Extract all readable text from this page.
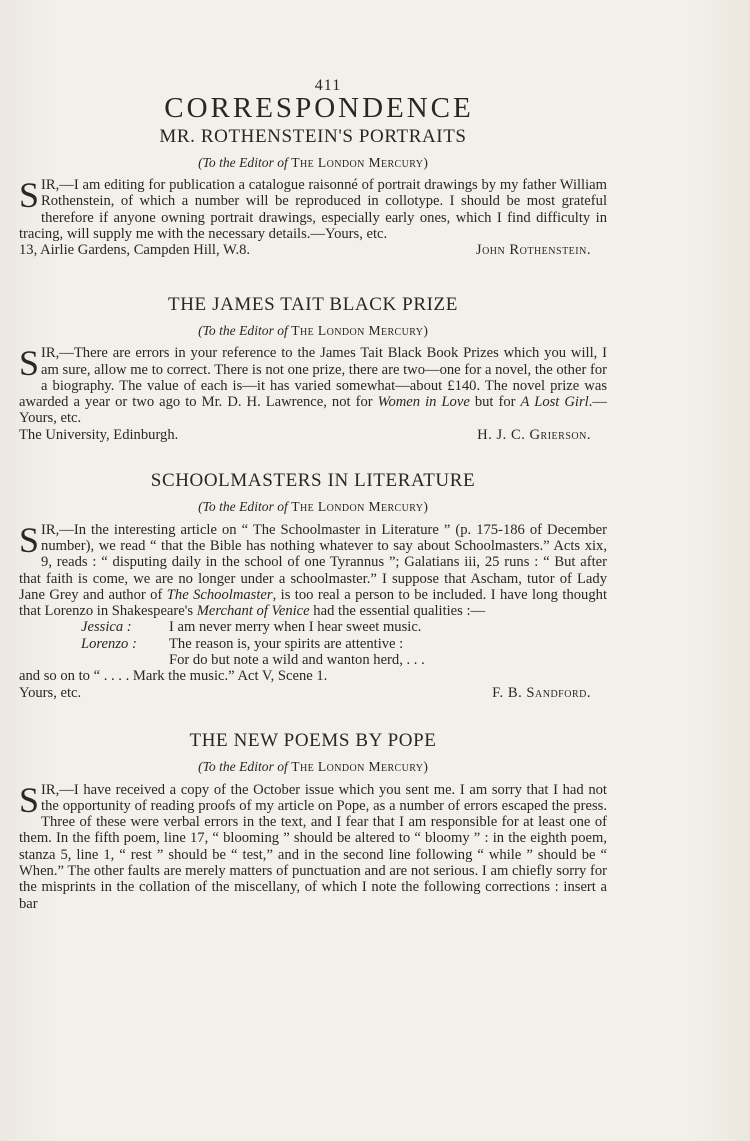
411
CORRESPONDENCE
MR. ROTHENSTEIN'S PORTRAITS
(To the Editor of The London Mercury)

SIR,—I am editing for publication a catalogue raisonné of portrait drawings by my father William Rothenstein, of which a number will be reproduced in collotype. I should be most grateful therefore if anyone owning portrait drawings, especially early ones, which I find difficulty in tracing, will supply me with the necessary details.—Yours, etc.

13, Airlie Gardens, Campden Hill, W.8.	John Rothenstein.
THE JAMES TAIT BLACK PRIZE
(To the Editor of The London Mercury)

SIR,—There are errors in your reference to the James Tait Black Book Prizes which you will, I am sure, allow me to correct. There is not one prize, there are two—one for a novel, the other for a biography. The value of each is—it has varied somewhat—about £140. The novel prize was awarded a year or two ago to Mr. D. H. Lawrence, not for Women in Love but for A Lost Girl.—Yours, etc.

The University, Edinburgh.	H. J. C. Grierson.
SCHOOLMASTERS IN LITERATURE
(To the Editor of The London Mercury)

SIR,—In the interesting article on “ The Schoolmaster in Literature ” (p. 175-186 of December number), we read “ that the Bible has nothing whatever to say about Schoolmasters.” Acts xix, 9, reads : “ disputing daily in the school of one Tyrannus ”; Galatians iii, 25 runs : “ But after that faith is come, we are no longer under a schoolmaster.” I suppose that Ascham, tutor of Lady Jane Grey and author of The Schoolmaster, is too real a person to be included. I have long thought that Lorenzo in Shakespeare's Merchant of Venice had the essential qualities :—

Jessica :	I am never merry when I hear sweet music.
Lorenzo : The reason is, your spirits are attentive :
For do but note a wild and wanton herd, . . .
and so on to “ . . . . Mark the music.” Act V, Scene 1.
Yours, etc.	F. B. Sandford.
THE NEW POEMS BY POPE
(To the Editor of The London Mercury)

SIR,—I have received a copy of the October issue which you sent me. I am sorry that I had not the opportunity of reading proofs of my article on Pope, as a number of errors escaped the press. Three of these were verbal errors in the text, and I fear that I am responsible for at least one of them. In the fifth poem, line 17, “ blooming ” should be altered to “ bloomy ” : in the eighth poem, stanza 5, line 1, “ rest ” should be “ test,” and in the second line following “ while ” should be “ When.” The other faults are merely matters of punctuation and are not serious. I am chiefly sorry for the misprints in the collation of the miscellany, of which I note the following corrections : insert a bar
